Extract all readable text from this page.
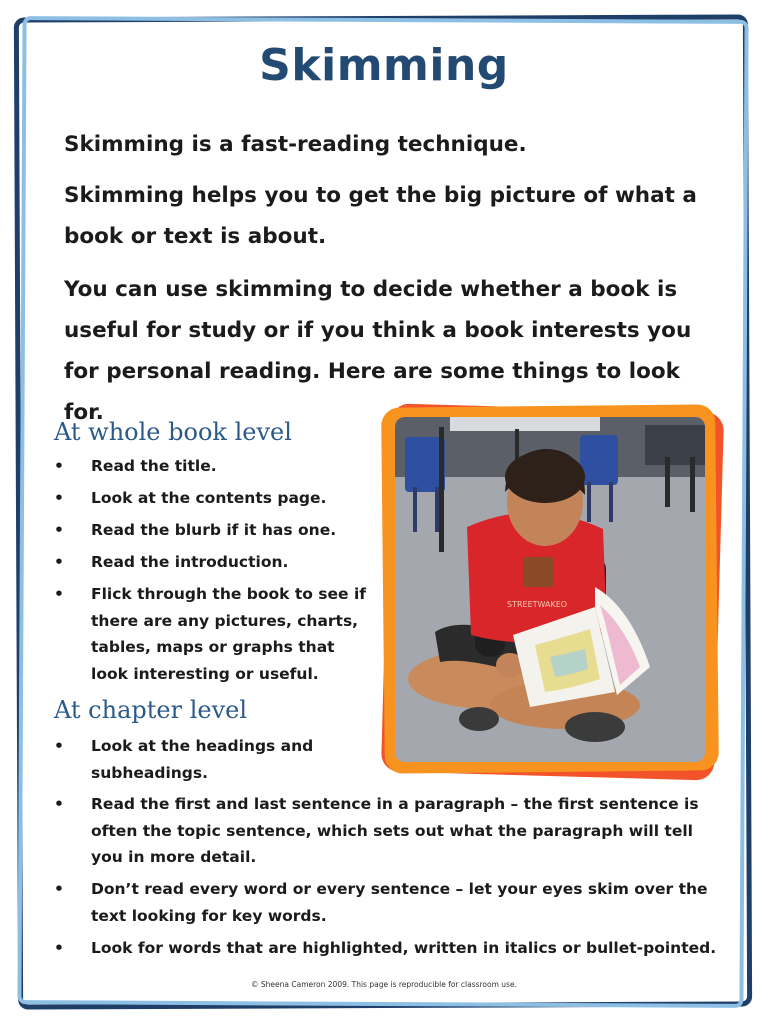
Skimming
Skimming is a fast-reading technique.
Skimming helps you to get the big picture of what a book or text is about.
You can use skimming to decide whether a book is useful for study or if you think a book interests you for personal reading. Here are some things to look for.
At whole book level
• Read the title.
• Look at the contents page.
• Read the blurb if it has one.
• Read the introduction.
• Flick through the book to see if there are any pictures, charts, tables, maps or graphs that look interesting or useful.
At chapter level
• Look at the headings and subheadings.
• Read the first and last sentence in a paragraph – the first sentence is often the topic sentence, which sets out what the paragraph will tell you in more detail.
• Don’t read every word or every sentence – let your eyes skim over the text looking for key words.
• Look for words that are highlighted, written in italics or bullet-pointed.
STREETWAKEO
© Sheena Cameron 2009. This page is reproducible for classroom use.
